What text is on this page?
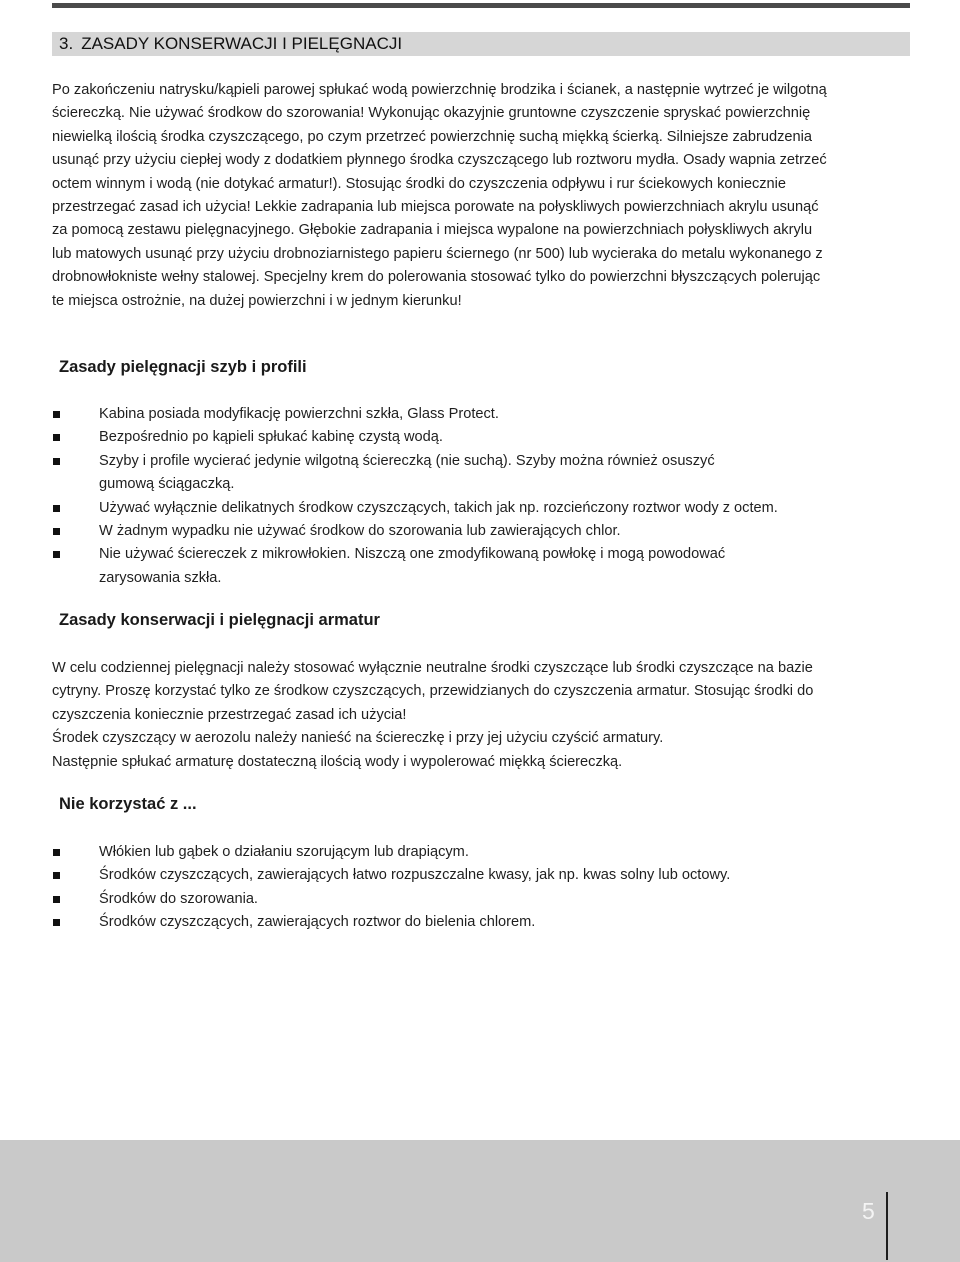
3. ZASADY KONSERWACJI I PIELĘGNACJI

Po zakończeniu natrysku/kąpieli parowej spłukać wodą powierzchnię brodzika i ścianek, a następnie wytrzeć je wilgotną
ściereczką. Nie używać środkow do szorowania! Wykonując okazyjnie gruntowne czyszczenie spryskać powierzchnię
niewielką ilością środka czyszczącego, po czym przetrzeć powierzchnię suchą miękką ścierką. Silniejsze zabrudzenia
usunąć przy użyciu ciepłej wody z dodatkiem płynnego środka czyszczącego lub roztworu mydła. Osady wapnia zetrzeć
octem winnym i wodą (nie dotykać armatur!). Stosując środki do czyszczenia odpływu i rur ściekowych koniecznie
przestrzegać zasad ich użycia! Lekkie zadrapania lub miejsca porowate na połyskliwych powierzchniach akrylu usunąć
za pomocą zestawu pielęgnacyjnego. Głębokie zadrapania i miejsca wypalone na powierzchniach połyskliwych akrylu
lub matowych usunąć przy użyciu drobnoziarnistego papieru ściernego (nr 500) lub wycieraka do metalu wykonanego z
drobnowłokniste wełny stalowej. Specjelny krem do polerowania stosować tylko do powierzchni błyszczących polerując
te miejsca ostrożnie, na dużej powierzchni i w jednym kierunku!

Zasady pielęgnacji szyb i profili
Kabina posiada modyfikację powierzchni szkła, Glass Protect.
Bezpośrednio po kąpieli spłukać kabinę czystą wodą.
Szyby i profile wycierać jedynie wilgotną ściereczką (nie suchą). Szyby można również osuszyć
gumową ściągaczką.
Używać wyłącznie delikatnych środkow czyszczących, takich jak np. rozcieńczony roztwor wody z octem.
W żadnym wypadku nie używać środkow do szorowania lub zawierających chlor.
Nie używać ściereczek z mikrowłokien. Niszczą one zmodyfikowaną powłokę i mogą powodować
zarysowania szkła.
Zasady konserwacji i pielęgnacji armatur

W celu codziennej pielęgnacji należy stosować wyłącznie neutralne środki czyszczące lub środki czyszczące na bazie
cytryny. Proszę korzystać tylko ze środkow czyszczących, przewidzianych do czyszczenia armatur. Stosując środki do
czyszczenia koniecznie przestrzegać zasad ich użycia!
Środek czyszczący w aerozolu należy nanieść na ściereczkę i przy jej użyciu czyścić armatury.
Następnie spłukać armaturę dostateczną ilością wody i wypolerować miękką ściereczką.

Nie korzystać z ...
Włókien lub gąbek o działaniu szorującym lub drapiącym.
Środków czyszczących, zawierających łatwo rozpuszczalne kwasy, jak np. kwas solny lub octowy.
Środków do szorowania.
Środków czyszczących, zawierających roztwor do bielenia chlorem.
5
